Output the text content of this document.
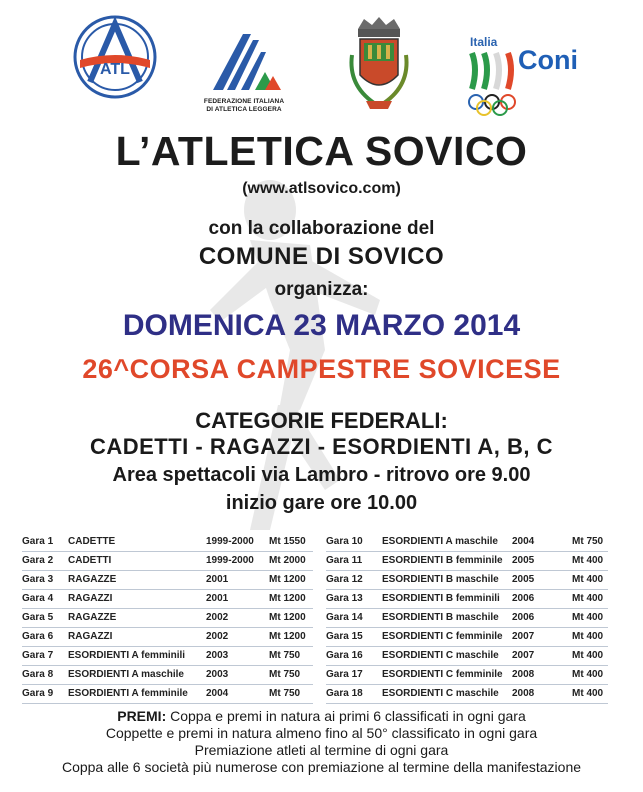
ATL
FEDERAZIONE ITALIANA
DI ATLETICA LEGGERA
Italia
Coni
L’ATLETICA SOVICO
(www.atlsovico.com)
con la collaborazione del
COMUNE DI SOVICO
organizza:
DOMENICA 23 MARZO 2014
26^CORSA CAMPESTRE SOVICESE
CATEGORIE FEDERALI:
CADETTI - RAGAZZI - ESORDIENTI A, B, C
Area spettacoli via Lambro - ritrovo ore 9.00
inizio gare ore 10.00
Gara 1 CADETTE	1999-2000 Mt 1550
Gara 2 CADETTI	1999-2000 Mt 2000
Gara 3 RAGAZZE	2001	Mt 1200
Gara 4 RAGAZZI	2001	Mt 1200
Gara 5 RAGAZZE	2002	Mt 1200
Gara 6 RAGAZZI	2002	Mt 1200
Gara 7 ESORDIENTI A femminili 2003	Mt 750
Gara 8 ESORDIENTI A maschile 2003	Mt 750
Gara 9 ESORDIENTI A femminile 2004	Mt 750
Gara 10 ESORDIENTI A maschile 2004	Mt 750
Gara 11 ESORDIENTI B femminile 2005	Mt 400
Gara 12 ESORDIENTI B maschile 2005	Mt 400
Gara 13 ESORDIENTI B femminili 2006	Mt 400
Gara 14 ESORDIENTI B maschile 2006	Mt 400
Gara 15 ESORDIENTI C femminile 2007	Mt 400
Gara 16 ESORDIENTI C maschile 2007	Mt 400
Gara 17 ESORDIENTI C femminile 2008	Mt 400
Gara 18 ESORDIENTI C maschile 2008	Mt 400
PREMI: Coppa e premi in natura ai primi 6 classificati in ogni gara
Coppette e premi in natura almeno fino al 50° classificato in ogni gara
Premiazione atleti al termine di ogni gara
Coppa alle 6 società più numerose con premiazione al termine della manifestazione
